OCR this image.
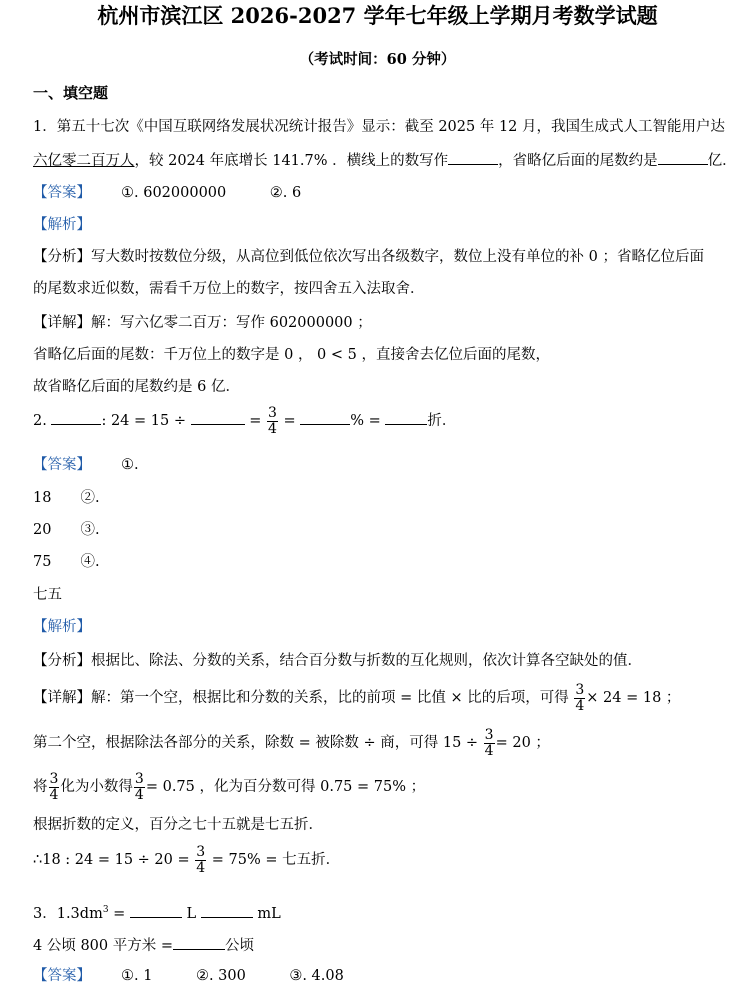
杭州市滨江区 2026-2027 学年七年级上学期月考数学试题
（考试时间：60 分钟）
一、填空题
1．第五十七次《中国互联网络发展状况统计报告》显示：截至 2025 年 12 月，我国生成式人工智能用户达
六亿零二百万人，较 2024 年底增长 141.7% ．横线上的数写作	，省略亿后面的尾数约是	亿．
【答案】 ①. 602000000　　　②. 6
【解析】
【分析】写大数时按数位分级，从高位到低位依次写出各级数字，数位上没有单位的补 0 ；省略亿位后面
的尾数求近似数，需看千万位上的数字，按四舍五入法取舍．
【详解】解：写六亿零二百万：写作 602000000 ；
省略亿后面的尾数：千万位上的数字是 0 ， 0 < 5 ，直接舍去亿位后面的尾数，
故省略亿后面的尾数约是 6 亿．
2.	: 24 = 15 ÷	= $\frac{3}{4}$ =	% =	折．
【答案】 ①.
18　　②.
20　　③.
75　　④.
七五
【解析】
【分析】根据比、除法、分数的关系，结合百分数与折数的互化规则，依次计算各空缺处的值．
【详解】解：第一个空，根据比和分数的关系，比的前项 = 比值 × 比的后项，可得 $\frac{3}{4} \times 24 = 18$ ；
第二个空，根据除法各部分的关系，除数 = 被除数 ÷ 商，可得 $15 \div \frac{3}{4} = 20$ ；
将 $\frac{3}{4}$ 化为小数得 $\frac{3}{4} = 0.75$ ，化为百分数可得 0.75 = 75% ；
根据折数的定义，百分之七十五就是七五折．
∴18 : $24 = 15 \div 20 = \frac{3}{4} = 75\%$ = 七五折．
3．$1.3dm^3$ =	L	mL
4 公顷 800 平方米 =	公顷
【答案】 ①. 1　　　②. 300　　　③. 4.08
